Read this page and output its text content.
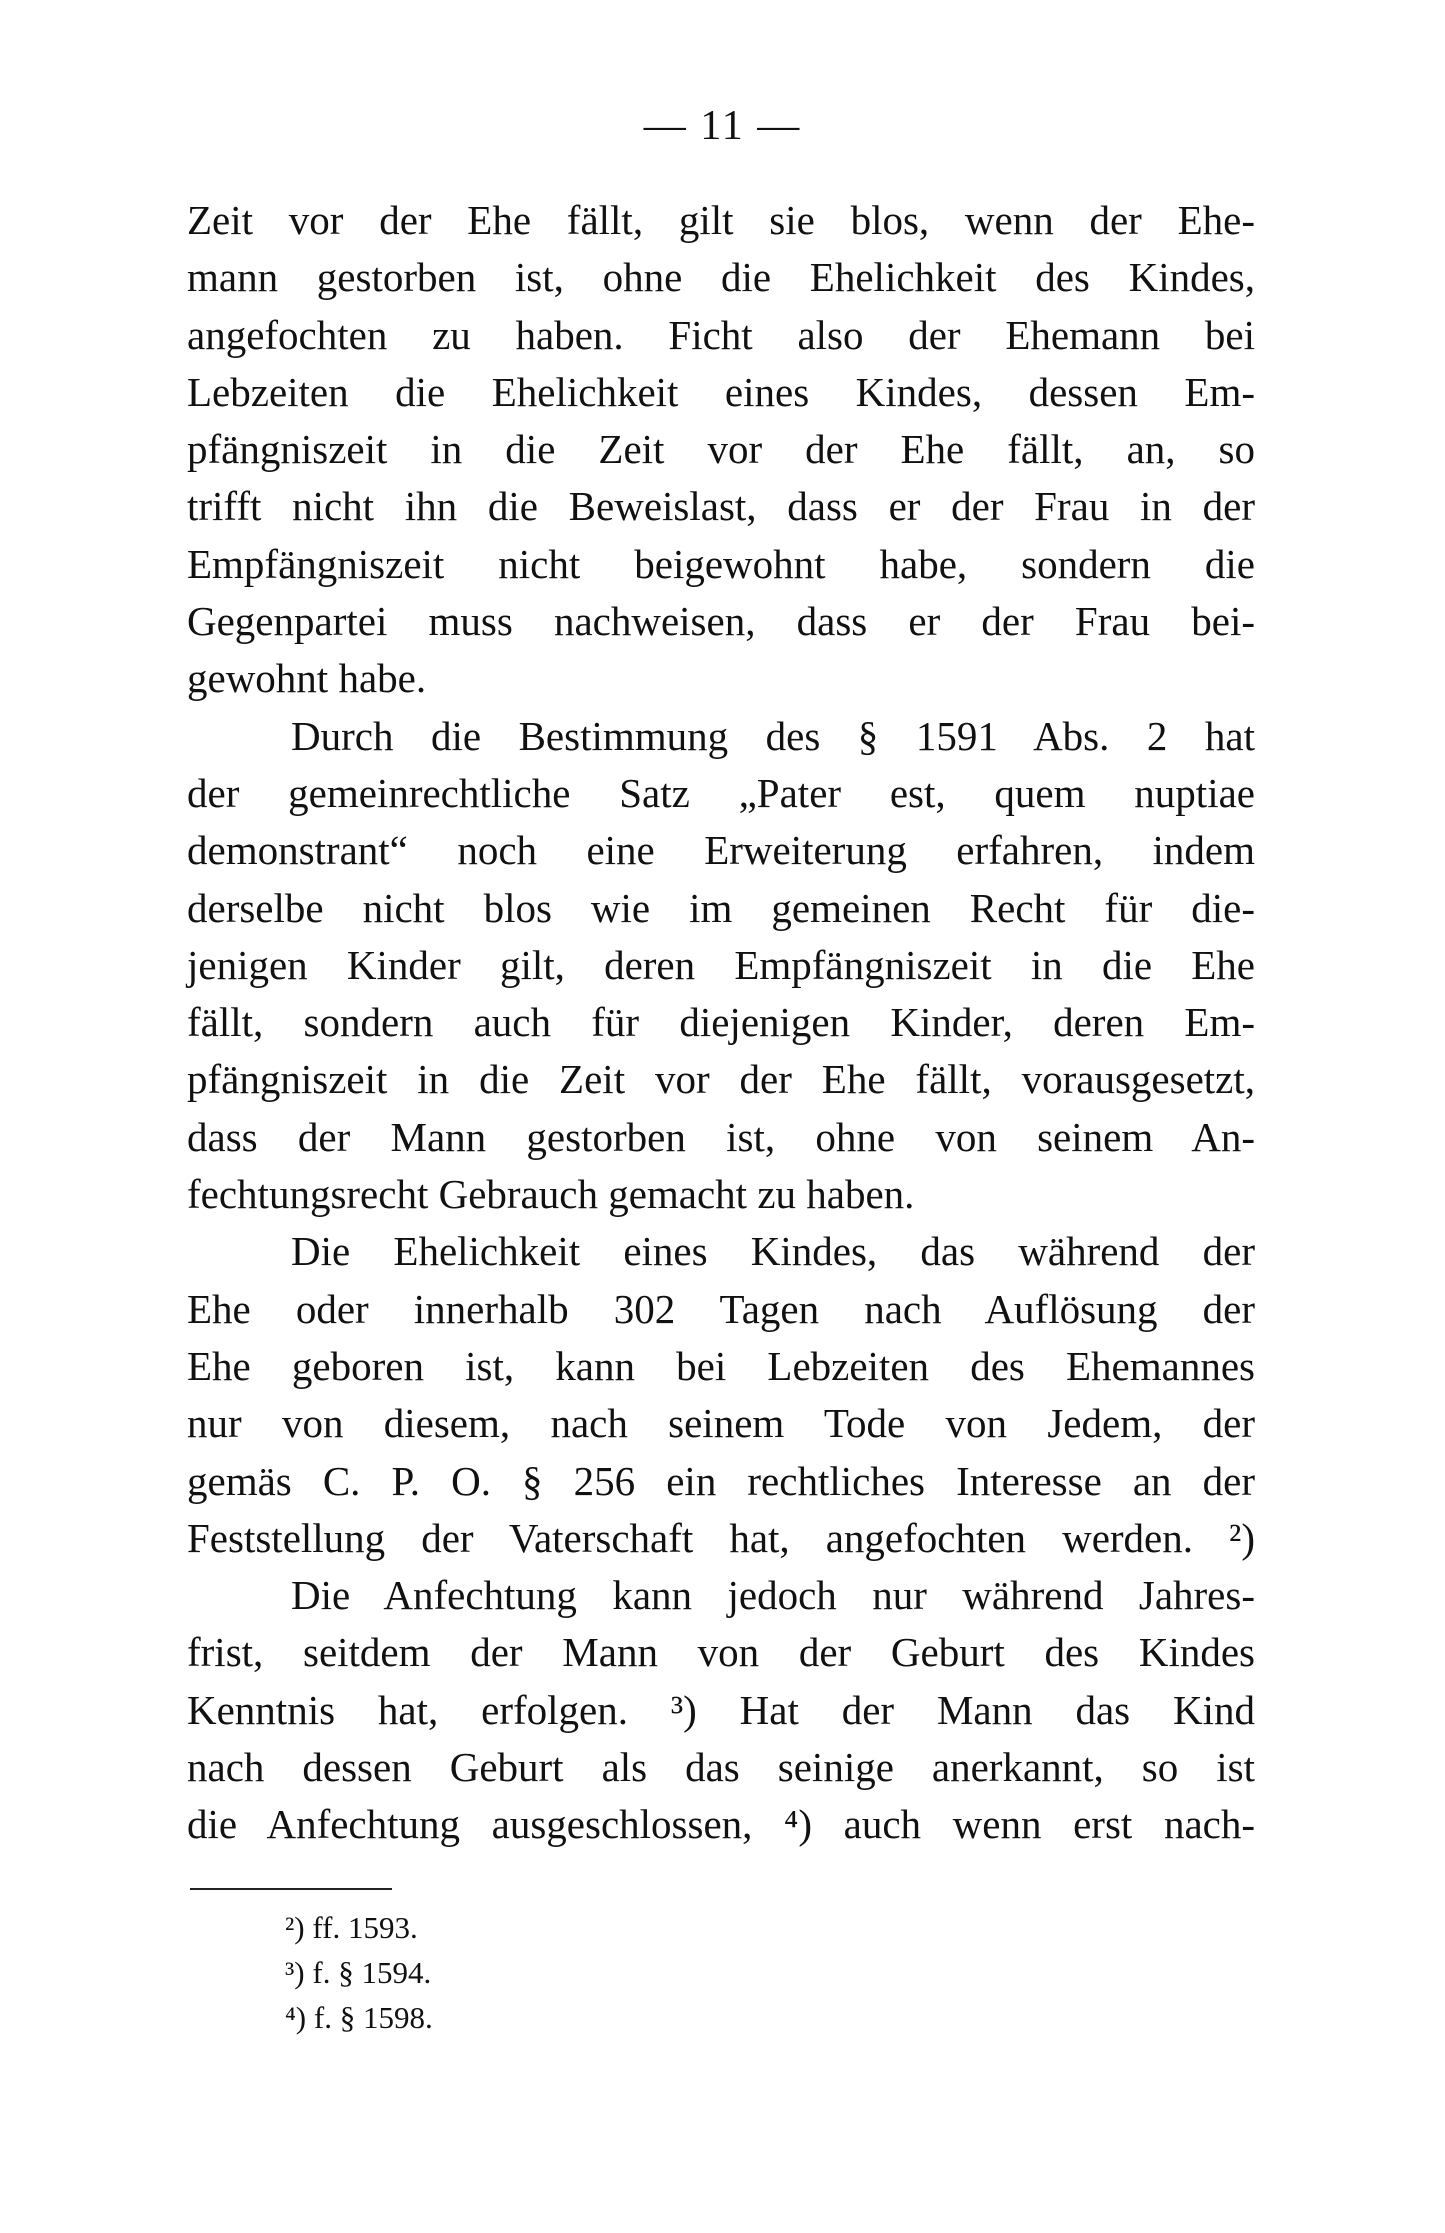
— 11 —
Zeit vor der Ehe fällt, gilt sie blos, wenn der Ehe-
mann gestorben ist, ohne die Ehelichkeit des Kindes,
angefochten zu haben. Ficht also der Ehemann bei
Lebzeiten die Ehelichkeit eines Kindes, dessen Em-
pfängniszeit in die Zeit vor der Ehe fällt, an, so
trifft nicht ihn die Beweislast, dass er der Frau in der
Empfängniszeit nicht beigewohnt habe, sondern die
Gegenpartei muss nachweisen, dass er der Frau bei-
gewohnt habe.
Durch die Bestimmung des § 1591 Abs. 2 hat
der gemeinrechtliche Satz „Pater est, quem nuptiae
demonstrant“ noch eine Erweiterung erfahren, indem
derselbe nicht blos wie im gemeinen Recht für die-
jenigen Kinder gilt, deren Empfängniszeit in die Ehe
fällt, sondern auch für diejenigen Kinder, deren Em-
pfängniszeit in die Zeit vor der Ehe fällt, vorausgesetzt,
dass der Mann gestorben ist, ohne von seinem An-
fechtungsrecht Gebrauch gemacht zu haben.
Die Ehelichkeit eines Kindes, das während der
Ehe oder innerhalb 302 Tagen nach Auflösung der
Ehe geboren ist, kann bei Lebzeiten des Ehemannes
nur von diesem, nach seinem Tode von Jedem, der
gemäs C. P. O. § 256 ein rechtliches Interesse an der
Feststellung der Vaterschaft hat, angefochten werden. ²)
Die Anfechtung kann jedoch nur während Jahres-
frist, seitdem der Mann von der Geburt des Kindes
Kenntnis hat, erfolgen. ³) Hat der Mann das Kind
nach dessen Geburt als das seinige anerkannt, so ist
die Anfechtung ausgeschlossen, ⁴) auch wenn erst nach-
²) ff. 1593.
³) f. § 1594.
⁴) f. § 1598.
